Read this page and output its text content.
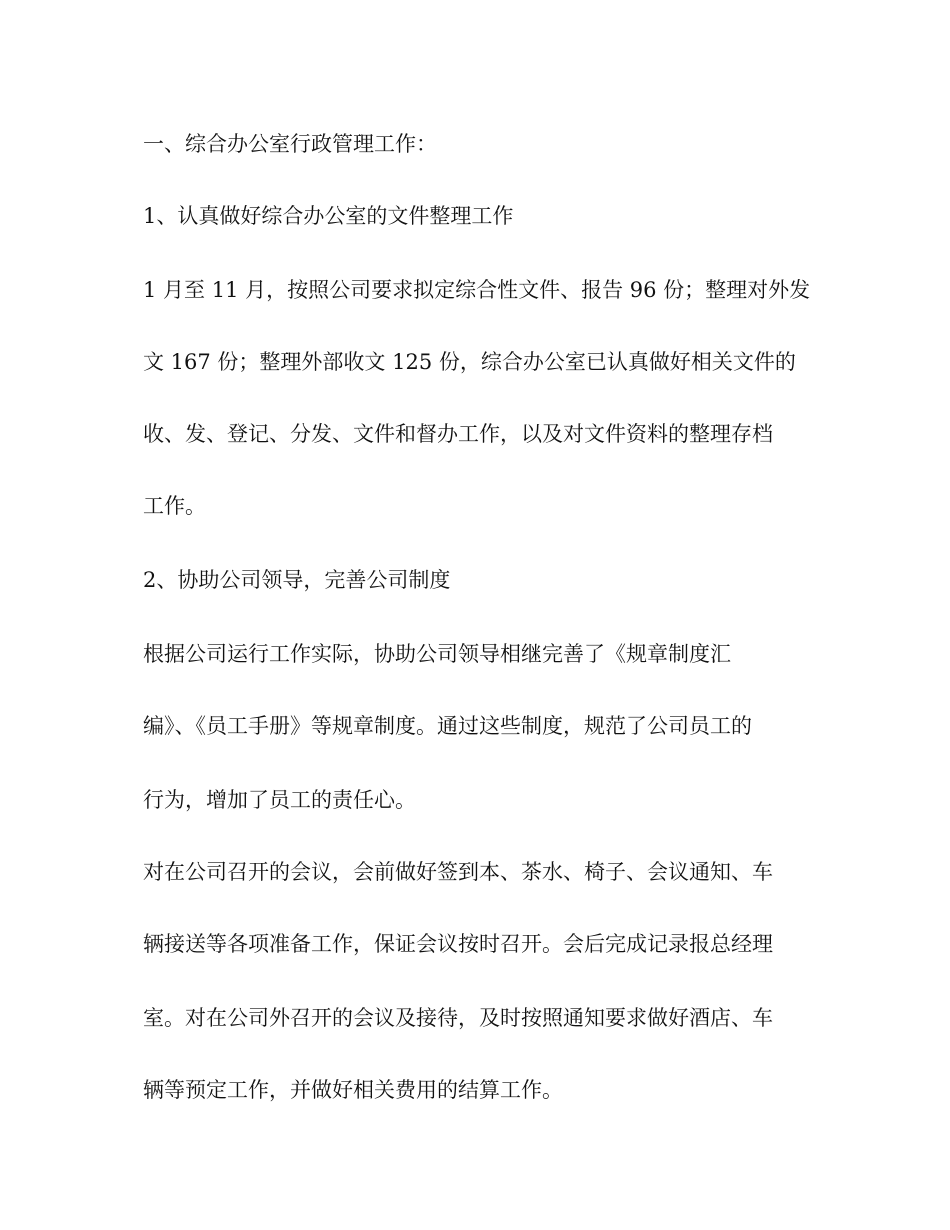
一、综合办公室行政管理工作：
1、认真做好综合办公室的文件整理工作
1 月至 11 月，按照公司要求拟定综合性文件、报告 96 份；整理对外发
文 167 份；整理外部收文 125 份，综合办公室已认真做好相关文件的
收、发、登记、分发、文件和督办工作，以及对文件资料的整理存档
工作。
2、协助公司领导，完善公司制度
根据公司运行工作实际，协助公司领导相继完善了《规章制度汇
编》、《员工手册》等规章制度。通过这些制度，规范了公司员工的
行为，增加了员工的责任心。
对在公司召开的会议，会前做好签到本、茶水、椅子、会议通知、车
辆接送等各项准备工作，保证会议按时召开。会后完成记录报总经理
室。对在公司外召开的会议及接待，及时按照通知要求做好酒店、车
辆等预定工作，并做好相关费用的结算工作。
